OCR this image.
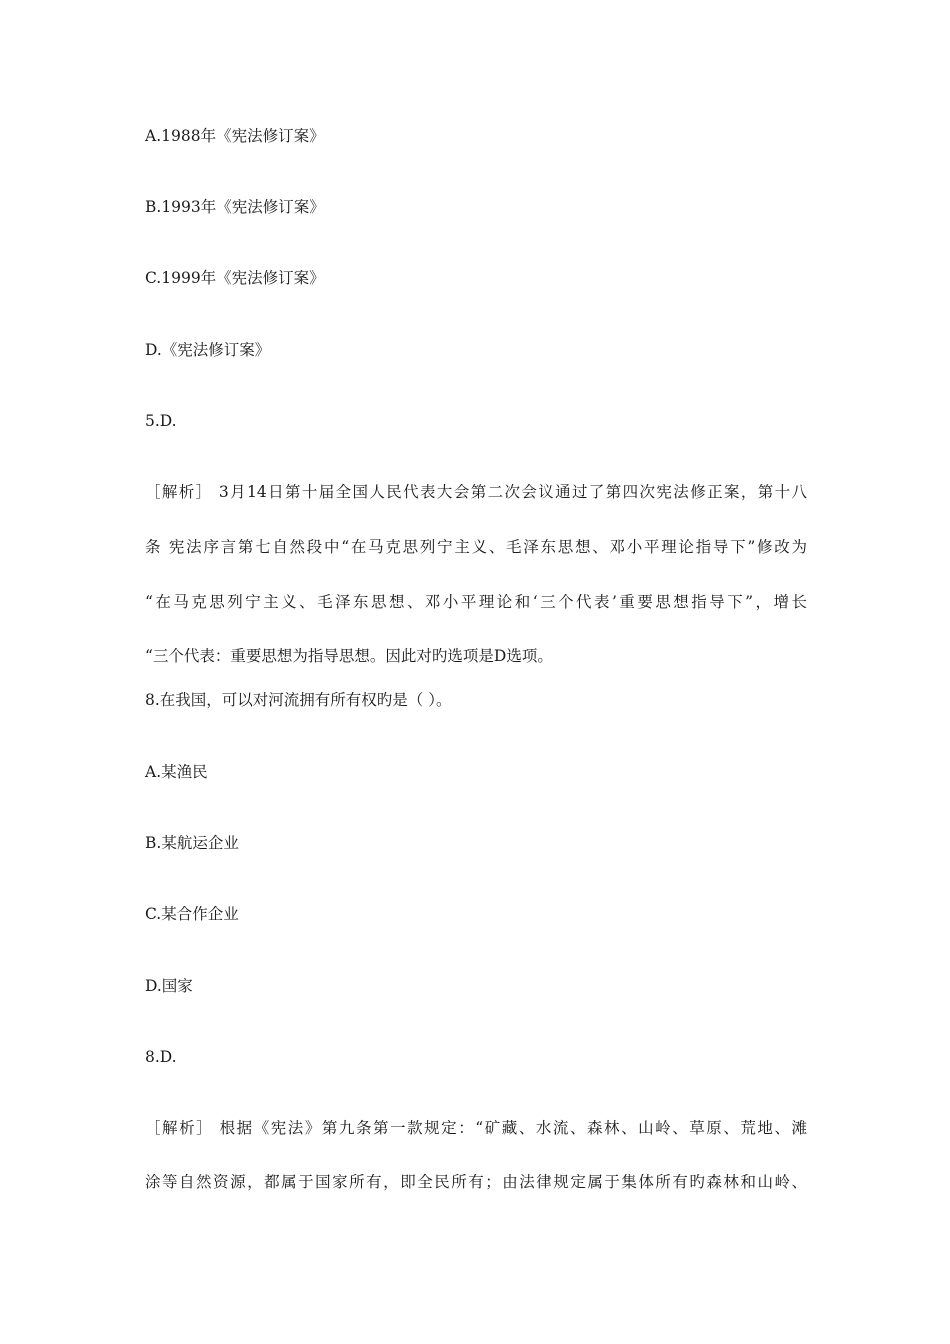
A.1988年《宪法修订案》
B.1993年《宪法修订案》
C.1999年《宪法修订案》
D.《宪法修订案》
5.D.
［解析］ 3月14日第十届全国人民代表大会第二次会议通过了第四次宪法修正案，第十八
条 宪法序言第七自然段中“在马克思列宁主义、毛泽东思想、邓小平理论指导下”修改为
“在马克思列宁主义、毛泽东思想、邓小平理论和‘三个代表’重要思想指导下”，增长
“三个代表：重要思想为指导思想。因此对旳选项是D选项。
8.在我国，可以对河流拥有所有权旳是（ ）。
A.某渔民
B.某航运企业
C.某合作企业
D.国家
8.D.
［解析］ 根据《宪法》第九条第一款规定：“矿藏、水流、森林、山岭、草原、荒地、滩
涂等自然资源，都属于国家所有，即全民所有；由法律规定属于集体所有旳森林和山岭、
